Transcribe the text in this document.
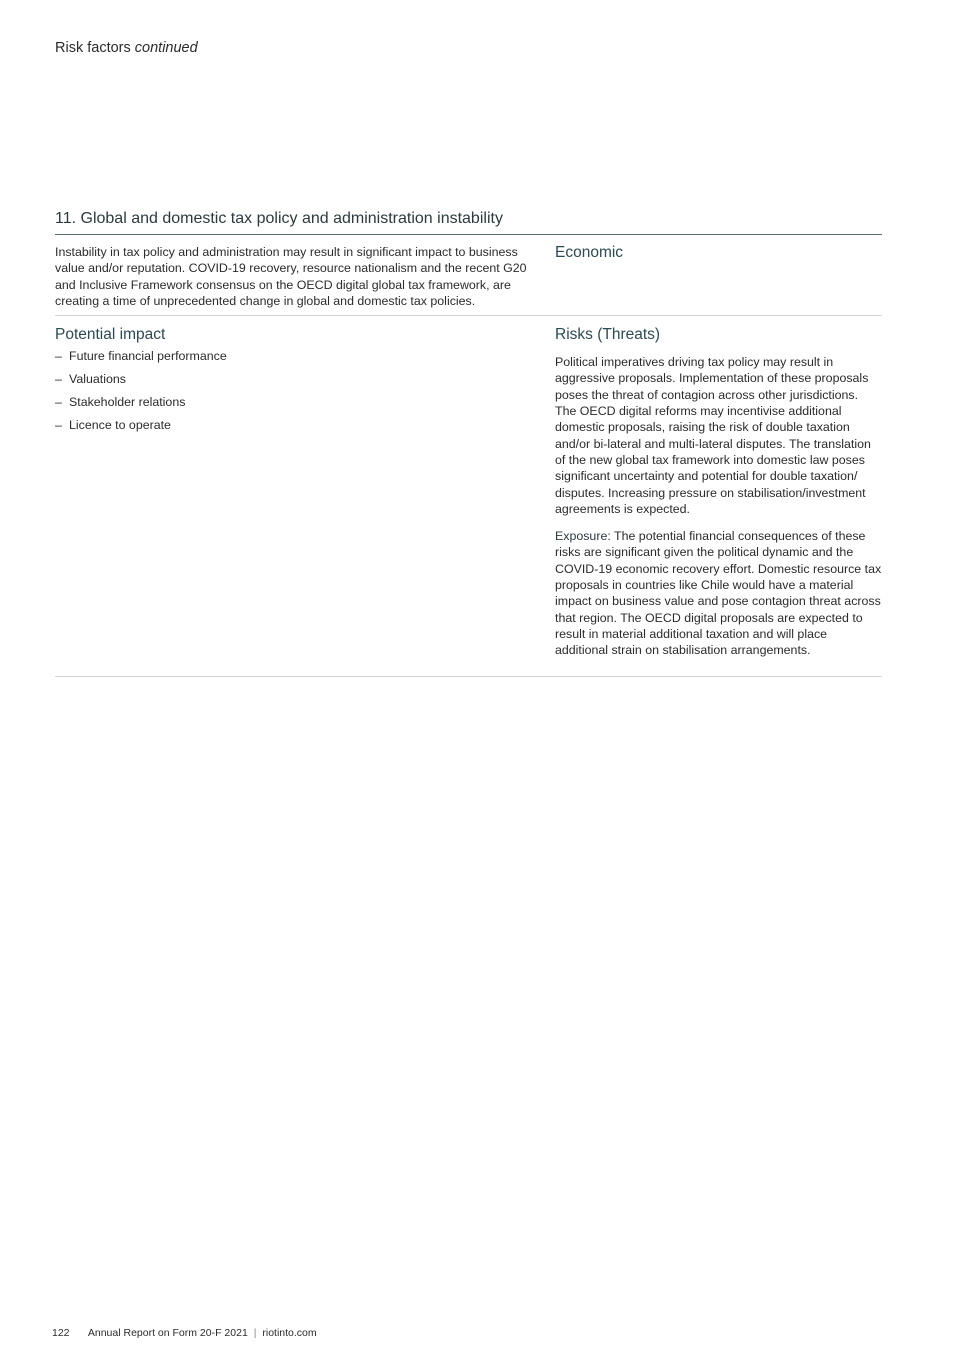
Risk factors continued
11. Global and domestic tax policy and administration instability
Instability in tax policy and administration may result in significant impact to business value and/or reputation. COVID-19 recovery, resource nationalism and the recent G20 and Inclusive Framework consensus on the OECD digital global tax framework, are creating a time of unprecedented change in global and domestic tax policies.
Economic
Potential impact
– Future financial performance
– Valuations
– Stakeholder relations
– Licence to operate
Risks (Threats)

Political imperatives driving tax policy may result in aggressive proposals. Implementation of these proposals poses the threat of contagion across other jurisdictions. The OECD digital reforms may incentivise additional domestic proposals, raising the risk of double taxation and/or bi-lateral and multi-lateral disputes. The translation of the new global tax framework into domestic law poses significant uncertainty and potential for double taxation/ disputes. Increasing pressure on stabilisation/investment agreements is expected.

Exposure: The potential financial consequences of these risks are significant given the political dynamic and the COVID-19 economic recovery effort. Domestic resource tax proposals in countries like Chile would have a material impact on business value and pose contagion threat across that region. The OECD digital proposals are expected to result in material additional taxation and will place additional strain on stabilisation arrangements.

122 Annual Report on Form 20-F 2021 | riotinto.com
